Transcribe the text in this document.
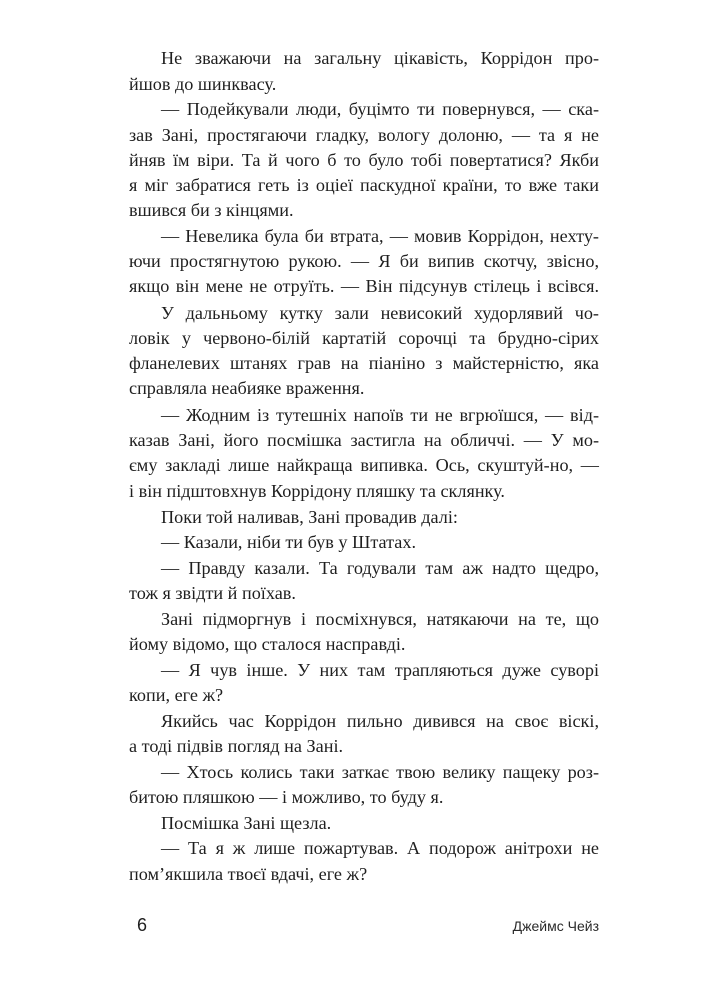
Не зважаючи на загальну цікавість, Коррідон про-
йшов до шинквасу.
— Подейкували люди, буцімто ти повернувся, — ска-
зав Зані, простягаючи гладку, вологу долоню, — та я не
йняв їм віри. Та й чого б то було тобі повертатися? Якби
я міг забратися геть із оціеї паскудної країни, то вже таки
вшився би з кінцями.
— Невелика була би втрата, — мовив Коррідон, нехту-
ючи простягнутою рукою. — Я би випив скотчу, звісно,
якщо він мене не отруїть. — Він підсунув стілець і всівся.
У дальньому кутку зали невисокий худорлявий чо-
ловік у червоно-білій картатій сорочці та брудно-сірих
фланелевих штанях грав на піаніно з майстерністю, яка
справляла неабияке враження.
— Жодним із тутешніх напоїв ти не вгрюїшся, — від-
казав Зані, його посмішка застигла на обличчі. — У мо-
єму закладі лише найкраща випивка. Ось, скуштуй-но, —
і він підштовхнув Коррідону пляшку та склянку.
Поки той наливав, Зані провадив далі:
— Казали, ніби ти був у Штатах.
— Правду казали. Та годували там аж надто щедро,
тож я звідти й поїхав.
Зані підморгнув і посміхнувся, натякаючи на те, що
йому відомо, що сталося насправді.
— Я чув інше. У них там трапляються дуже суворі
копи, еге ж?
Якийсь час Коррідон пильно дивився на своє віскі,
а тоді підвів погляд на Зані.
— Хтось колись таки заткає твою велику пащеку роз-
битою пляшкою — і можливо, то буду я.
Посмішка Зані щезла.
— Та я ж лише пожартував. А подорож анітрохи не
пом’якшила твоєї вдачі, еге ж?
6	Джеймс Чейз
